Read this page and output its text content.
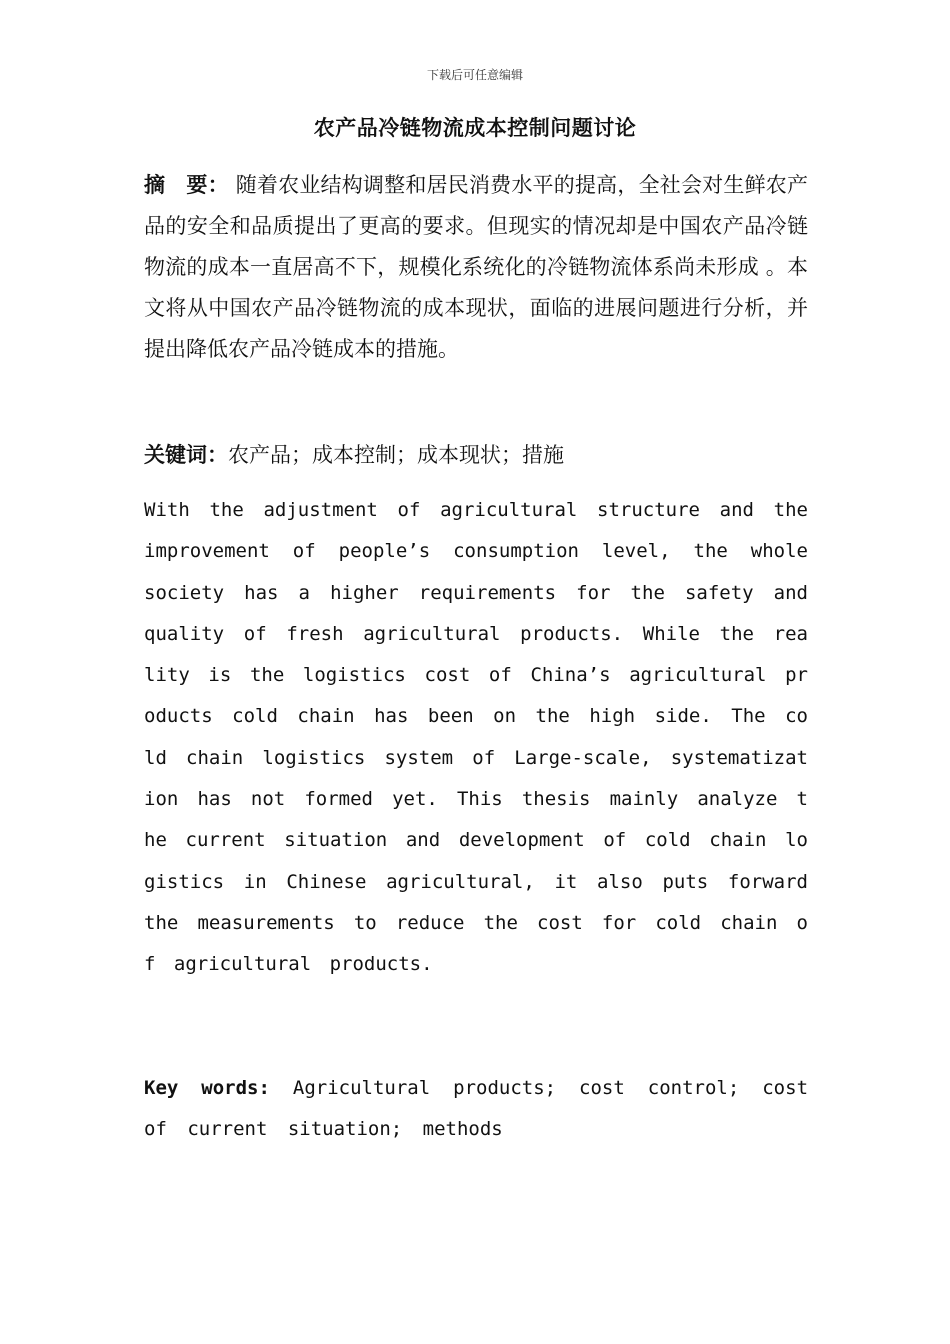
下载后可任意编辑
农产品冷链物流成本控制问题讨论
摘　要： 随着农业结构调整和居民消费水平的提高，全社会对生鲜农产品的安全和品质提出了更高的要求。但现实的情况却是中国农产品冷链物流的成本一直居高不下，规模化系统化的冷链物流体系尚未形成 。本文将从中国农产品冷链物流的成本现状，面临的进展问题进行分析，并提出降低农产品冷链成本的措施。
关键词：农产品；成本控制；成本现状；措施
With the adjustment of agricultural structure and the improvement of people’s consumption level, the whole society has a higher requirements for the safety and quality of fresh agricultural products. While the reality is the logistics cost of China’s agricultural products cold chain has been on the high side. The cold chain logistics system of Large-scale, systematization has not formed yet. This thesis mainly analyze the current situation and development of cold chain logistics in Chinese agricultural, it also puts forward the measurements to reduce the cost for cold chain of agricultural products.
Key words: Agricultural products; cost control; cost of current situation; methods
